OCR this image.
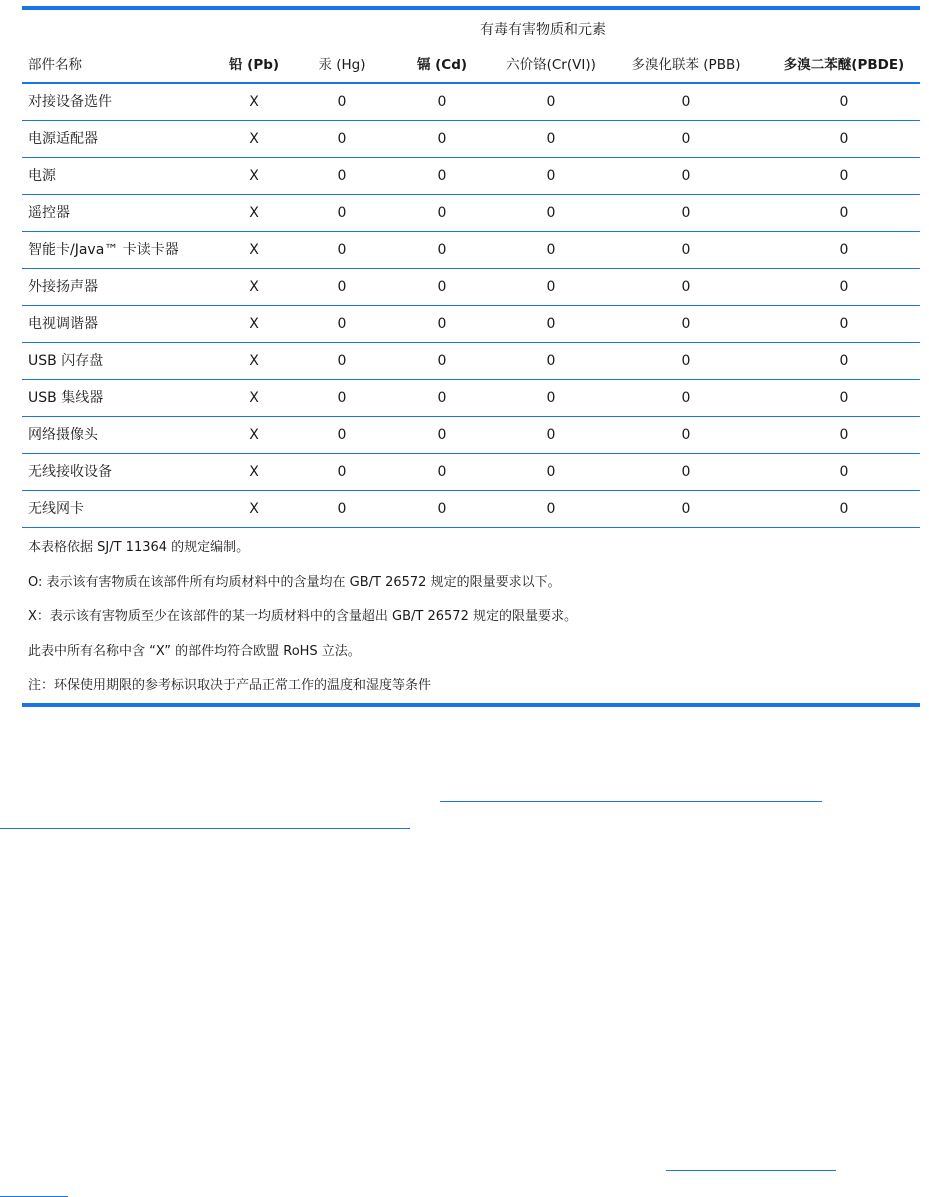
有毒有害物质和元素
部件名称	铅 (Pb)	汞 (Hg)	镉 (Cd)	六价铬(Cr(VI))	多溴化联苯 (PBB)	多溴二苯醚(PBDE)
对接设备选件	X	0	0	0	0	0
电源适配器	X	0	0	0	0	0
电源	X	0	0	0	0	0
遥控器	X	0	0	0	0	0
智能卡/Java™ 卡读卡器	X	0	0	0	0	0
外接扬声器	X	0	0	0	0	0
电视调谐器	X	0	0	0	0	0
USB 闪存盘	X	0	0	0	0	0
USB 集线器	X	0	0	0	0	0
网络摄像头	X	0	0	0	0	0
无线接收设备	X	0	0	0	0	0
无线网卡	X	0	0	0	0	0
本表格依据 SJ/T 11364 的规定编制。
O: 表示该有害物质在该部件所有均质材料中的含量均在 GB/T 26572 规定的限量要求以下。
X：表示该有害物质至少在该部件的某一均质材料中的含量超出 GB/T 26572 规定的限量要求。
此表中所有名称中含 “X” 的部件均符合欧盟 RoHS 立法。
注：环保使用期限的参考标识取决于产品正常工作的温度和湿度等条件
